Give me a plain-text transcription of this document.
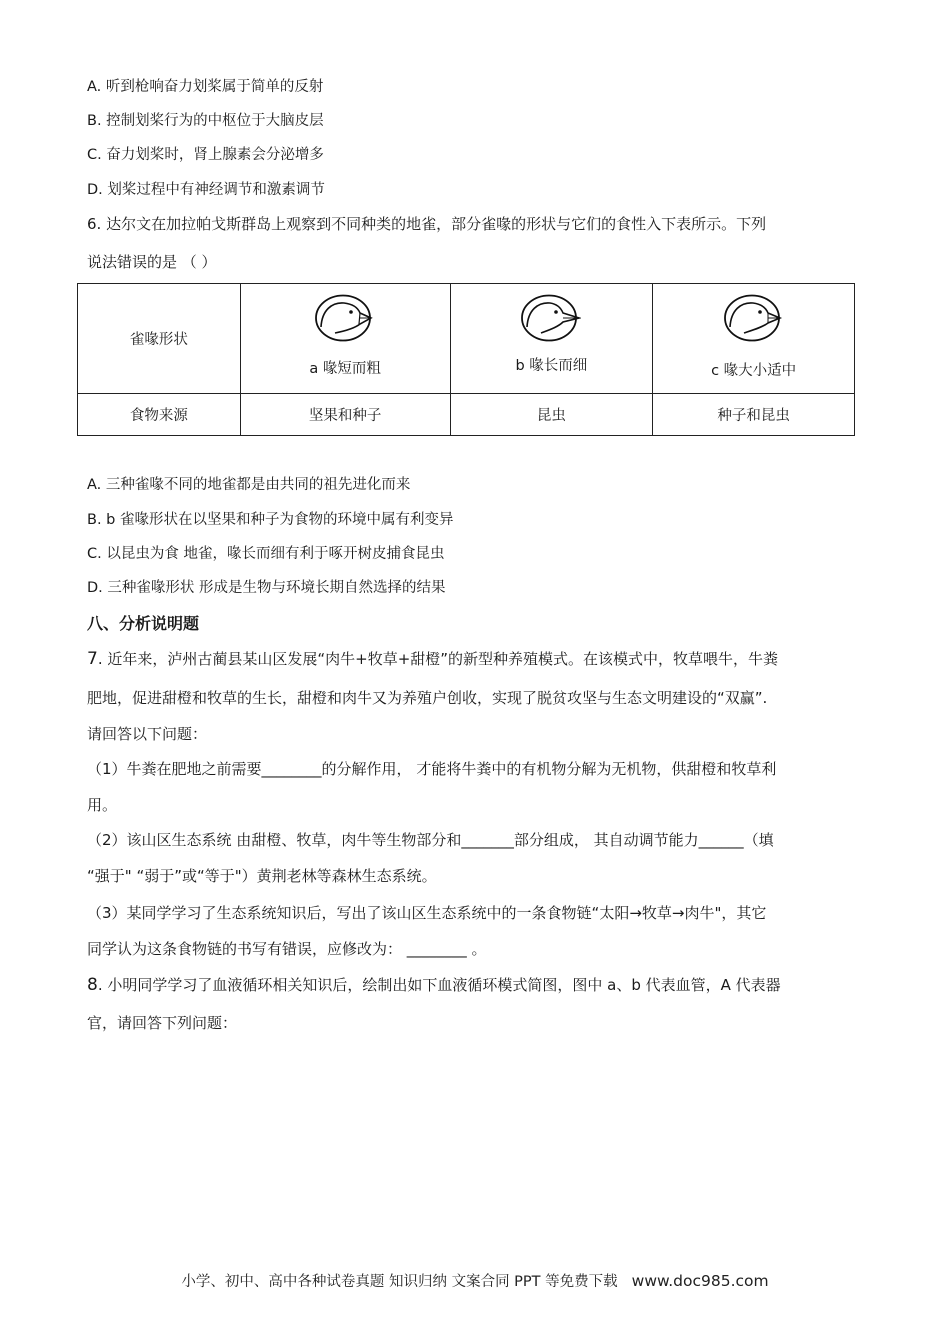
A. 听到枪响奋力划桨属于简单的反射
B. 控制划桨行为的中枢位于大脑皮层
C. 奋力划桨时，肾上腺素会分泌增多
D. 划桨过程中有神经调节和激素调节
6. 达尔文在加拉帕戈斯群岛上观察到不同种类的地雀，部分雀喙的形状与它们的食性入下表所示。下列
说法错误的是 （ ）
雀喙形状	a 喙短而粗	b 喙长而细	c 喙大小适中

食物来源	坚果和种子	昆虫	种子和昆虫
A. 三种雀喙不同的地雀都是由共同的祖先进化而来
B. b 雀喙形状在以坚果和种子为食物的环境中属有利变异
C. 以昆虫为食 地雀，喙长而细有利于啄开树皮捕食昆虫
D. 三种雀喙形状 形成是生物与环境长期自然选择的结果
八、分析说明题
7. 近年来，泸州古蔺县某山区发展“肉牛+牧草+甜橙”的新型种养殖模式。在该模式中，牧草喂牛，牛粪
肥地，促进甜橙和牧草的生长，甜橙和肉牛又为养殖户创收，实现了脱贫攻坚与生态文明建设的“双赢”.
请回答以下问题：
（1）牛粪在肥地之前需要________的分解作用， 才能将牛粪中的有机物分解为无机物，供甜橙和牧草利
用。
（2）该山区生态系统 由甜橙、牧草，肉牛等生物部分和_______部分组成， 其自动调节能力______（填
“强于" “弱于”或“等于"）黄荆老林等森林生态系统。
（3）某同学学习了生态系统知识后，写出了该山区生态系统中的一条食物链“太阳→牧草→肉牛"，其它
同学认为这条食物链的书写有错误，应修改为： ________ 。
8. 小明同学学习了血液循环相关知识后，绘制出如下血液循环模式简图，图中 a、b 代表血管，A 代表器
官，请回答下列问题：
小学、初中、高中各种试卷真题 知识归纳 文案合同 PPT 等免费下载 www.doc985.com
